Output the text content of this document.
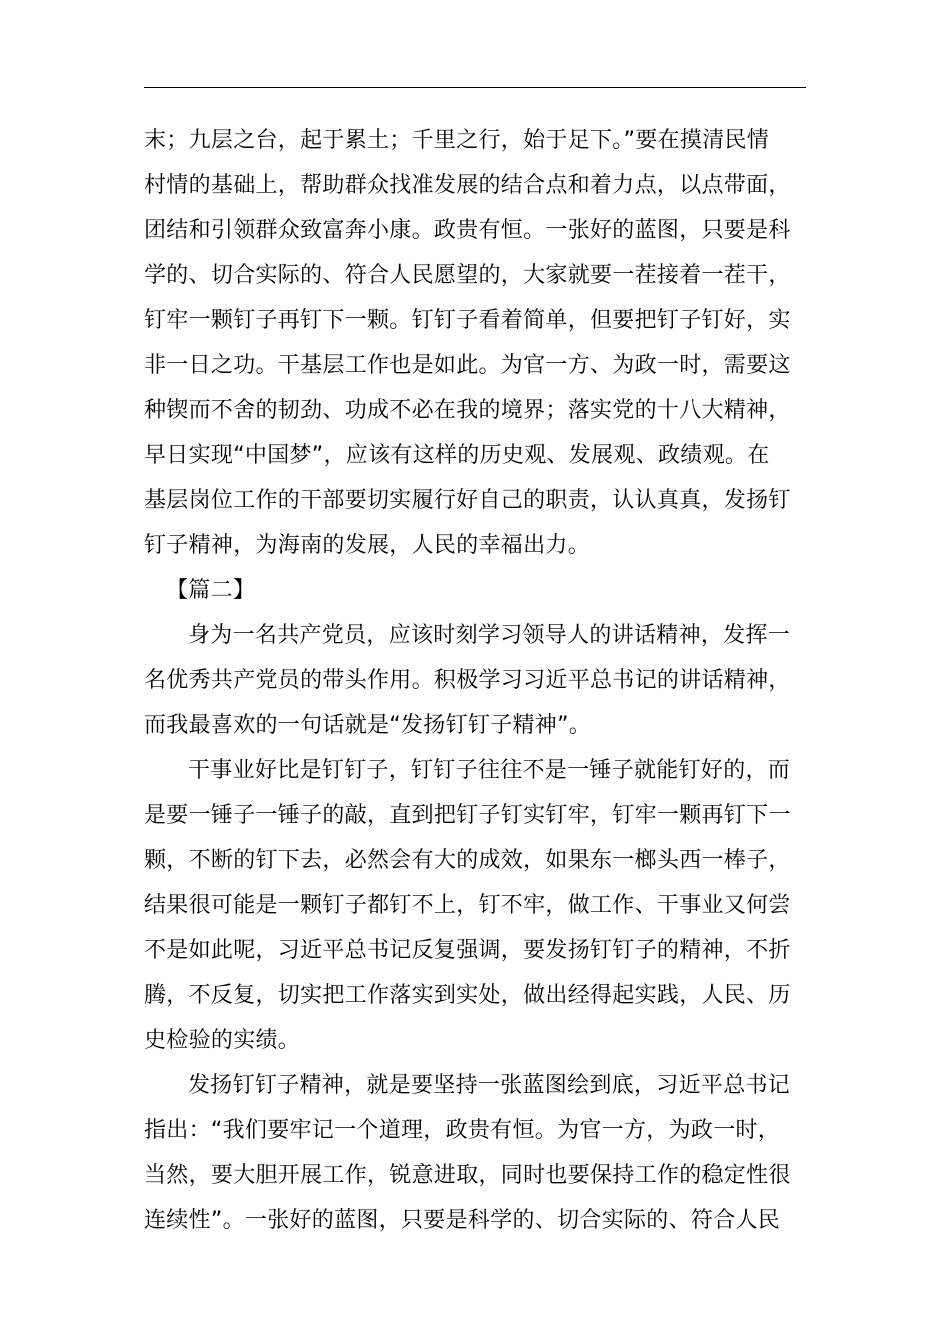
末；九层之台，起于累土；千里之行，始于足下。”要在摸清民情
村情的基础上，帮助群众找准发展的结合点和着力点，以点带面，
团结和引领群众致富奔小康。政贵有恒。一张好的蓝图，只要是科
学的、切合实际的、符合人民愿望的，大家就要一茬接着一茬干，
钉牢一颗钉子再钉下一颗。钉钉子看着简单，但要把钉子钉好，实
非一日之功。干基层工作也是如此。为官一方、为政一时，需要这
种锲而不舍的韧劲、功成不必在我的境界；落实党的十八大精神，
早日实现“中国梦”，应该有这样的历史观、发展观、政绩观。在
基层岗位工作的干部要切实履行好自己的职责，认认真真，发扬钉
钉子精神，为海南的发展，人民的幸福出力。
【篇二】
身为一名共产党员，应该时刻学习领导人的讲话精神，发挥一
名优秀共产党员的带头作用。积极学习习近平总书记的讲话精神，
而我最喜欢的一句话就是“发扬钉钉子精神”。
干事业好比是钉钉子，钉钉子往往不是一锤子就能钉好的，而
是要一锤子一锤子的敲，直到把钉子钉实钉牢，钉牢一颗再钉下一
颗，不断的钉下去，必然会有大的成效，如果东一榔头西一棒子，
结果很可能是一颗钉子都钉不上，钉不牢，做工作、干事业又何尝
不是如此呢，习近平总书记反复强调，要发扬钉钉子的精神，不折
腾，不反复，切实把工作落实到实处，做出经得起实践，人民、历
史检验的实绩。
发扬钉钉子精神，就是要坚持一张蓝图绘到底，习近平总书记
指出：“我们要牢记一个道理，政贵有恒。为官一方，为政一时，
当然，要大胆开展工作，锐意进取，同时也要保持工作的稳定性很
连续性”。一张好的蓝图，只要是科学的、切合实际的、符合人民
